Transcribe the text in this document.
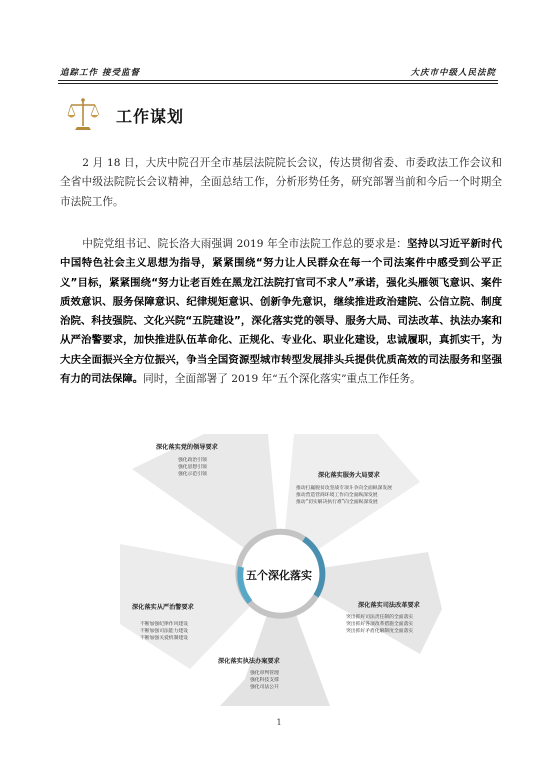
追踪工作 接受监督	大庆市中级人民法院
工作谋划

2 月 18 日，大庆中院召开全市基层法院院长会议，传达贯彻省委、市委政法工作会议和全省中级法院院长会议精神，全面总结工作，分析形势任务，研究部署当前和今后一个时期全市法院工作。

中院党组书记、院长洛大雨强调 2019 年全市法院工作总的要求是：坚持以习近平新时代中国特色社会主义思想为指导，紧紧围绕“努力让人民群众在每一个司法案件中感受到公平正义”目标，紧紧围绕“努力让老百姓在黑龙江法院打官司不求人”承诺，强化头雁领飞意识、案件质效意识、服务保障意识、纪律规矩意识、创新争先意识，继续推进政治建院、公信立院、制度治院、科技强院、文化兴院“五院建设”，深化落实党的领导、服务大局、司法改革、执法办案和从严治警要求，加快推进队伍革命化、正规化、专业化、职业化建设，忠诚履职，真抓实干，为大庆全面振兴全方位振兴，争当全国资源型城市转型发展排头兵提供优质高效的司法服务和坚强有力的司法保障。同时，全面部署了 2019 年“五个深化落实”重点工作任务。

五个深化落实
深化落实党的领导要求
强化政治引领
强化思想引领
强化示范引领	深化落实服务大局要求
推动打赢脱贫攻坚战专项斗争向全面纵深发展
推动营造营商环境工作向全面纵深发展
推动“切实解决执行难”向全面纵深发展
深化落实司法改革要求
突出抓好司法责任制的全面落实
突出抓好各项改革措施全面落实
突出抓好矛盾化解制度全面落实
深化落实执法办案要求
强化审判管理
强化科技支撑
强化司法公开
深化落实从严治警要求
不断加强纪律作风建设
不断加强司法能力建设
不断加强关爱机制建设
1
